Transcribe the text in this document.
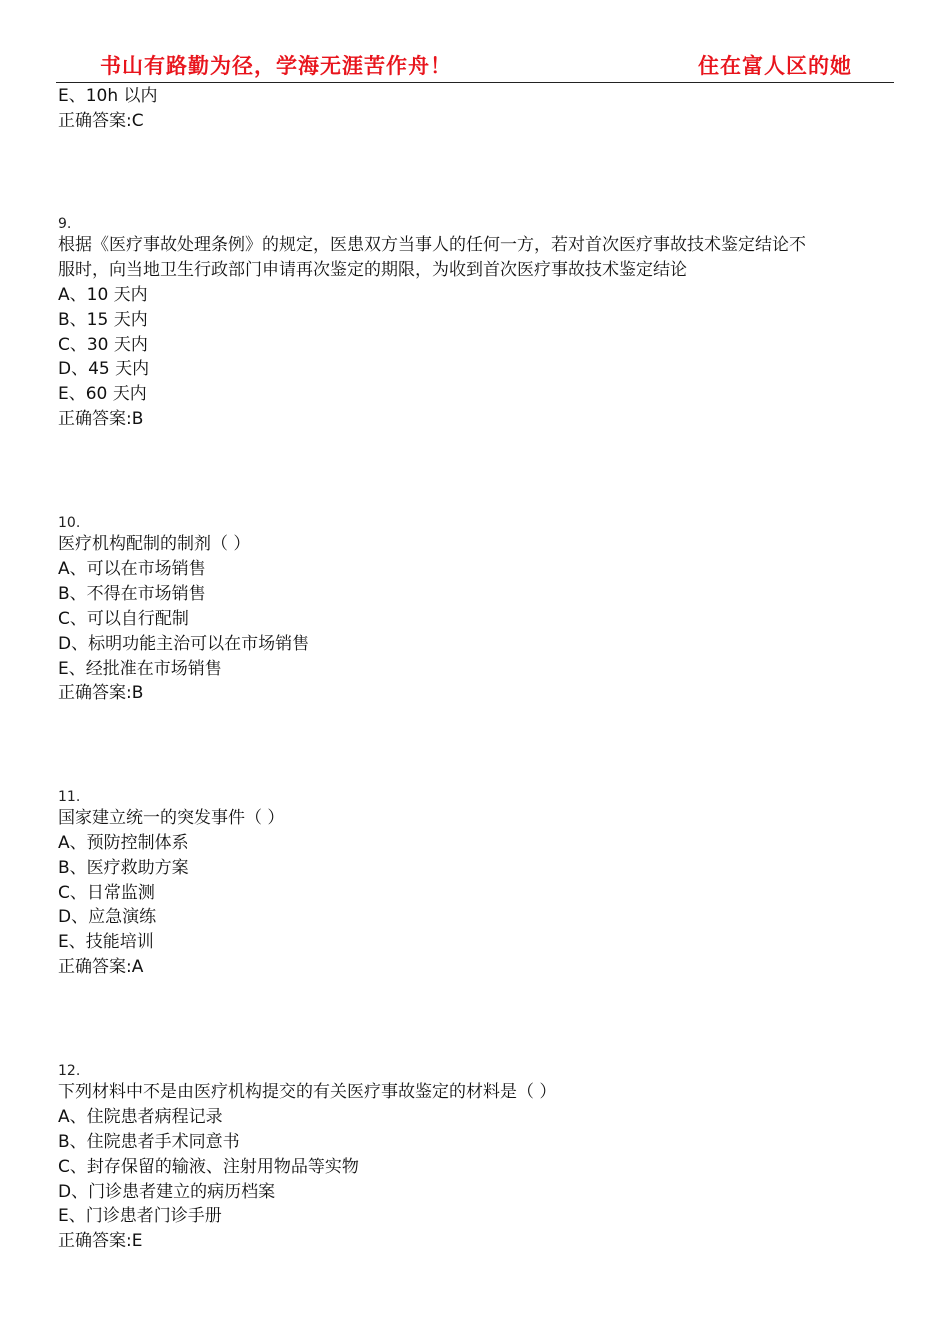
书山有路勤为径，学海无涯苦作舟！	住在富人区的她
E、10h 以内
正确答案:C
9.
根据《医疗事故处理条例》的规定，医患双方当事人的任何一方，若对首次医疗事故技术鉴定结论不
服时，向当地卫生行政部门申请再次鉴定的期限，为收到首次医疗事故技术鉴定结论
A、10 天内
B、15 天内
C、30 天内
D、45 天内
E、60 天内
正确答案:B
10.
医疗机构配制的制剂（ ）
A、可以在市场销售
B、不得在市场销售
C、可以自行配制
D、标明功能主治可以在市场销售
E、经批准在市场销售
正确答案:B
11.
国家建立统一的突发事件（ ）
A、预防控制体系
B、医疗救助方案
C、日常监测
D、应急演练
E、技能培训
正确答案:A
12.
下列材料中不是由医疗机构提交的有关医疗事故鉴定的材料是（ ）
A、住院患者病程记录
B、住院患者手术同意书
C、封存保留的输液、注射用物品等实物
D、门诊患者建立的病历档案
E、门诊患者门诊手册
正确答案:E
